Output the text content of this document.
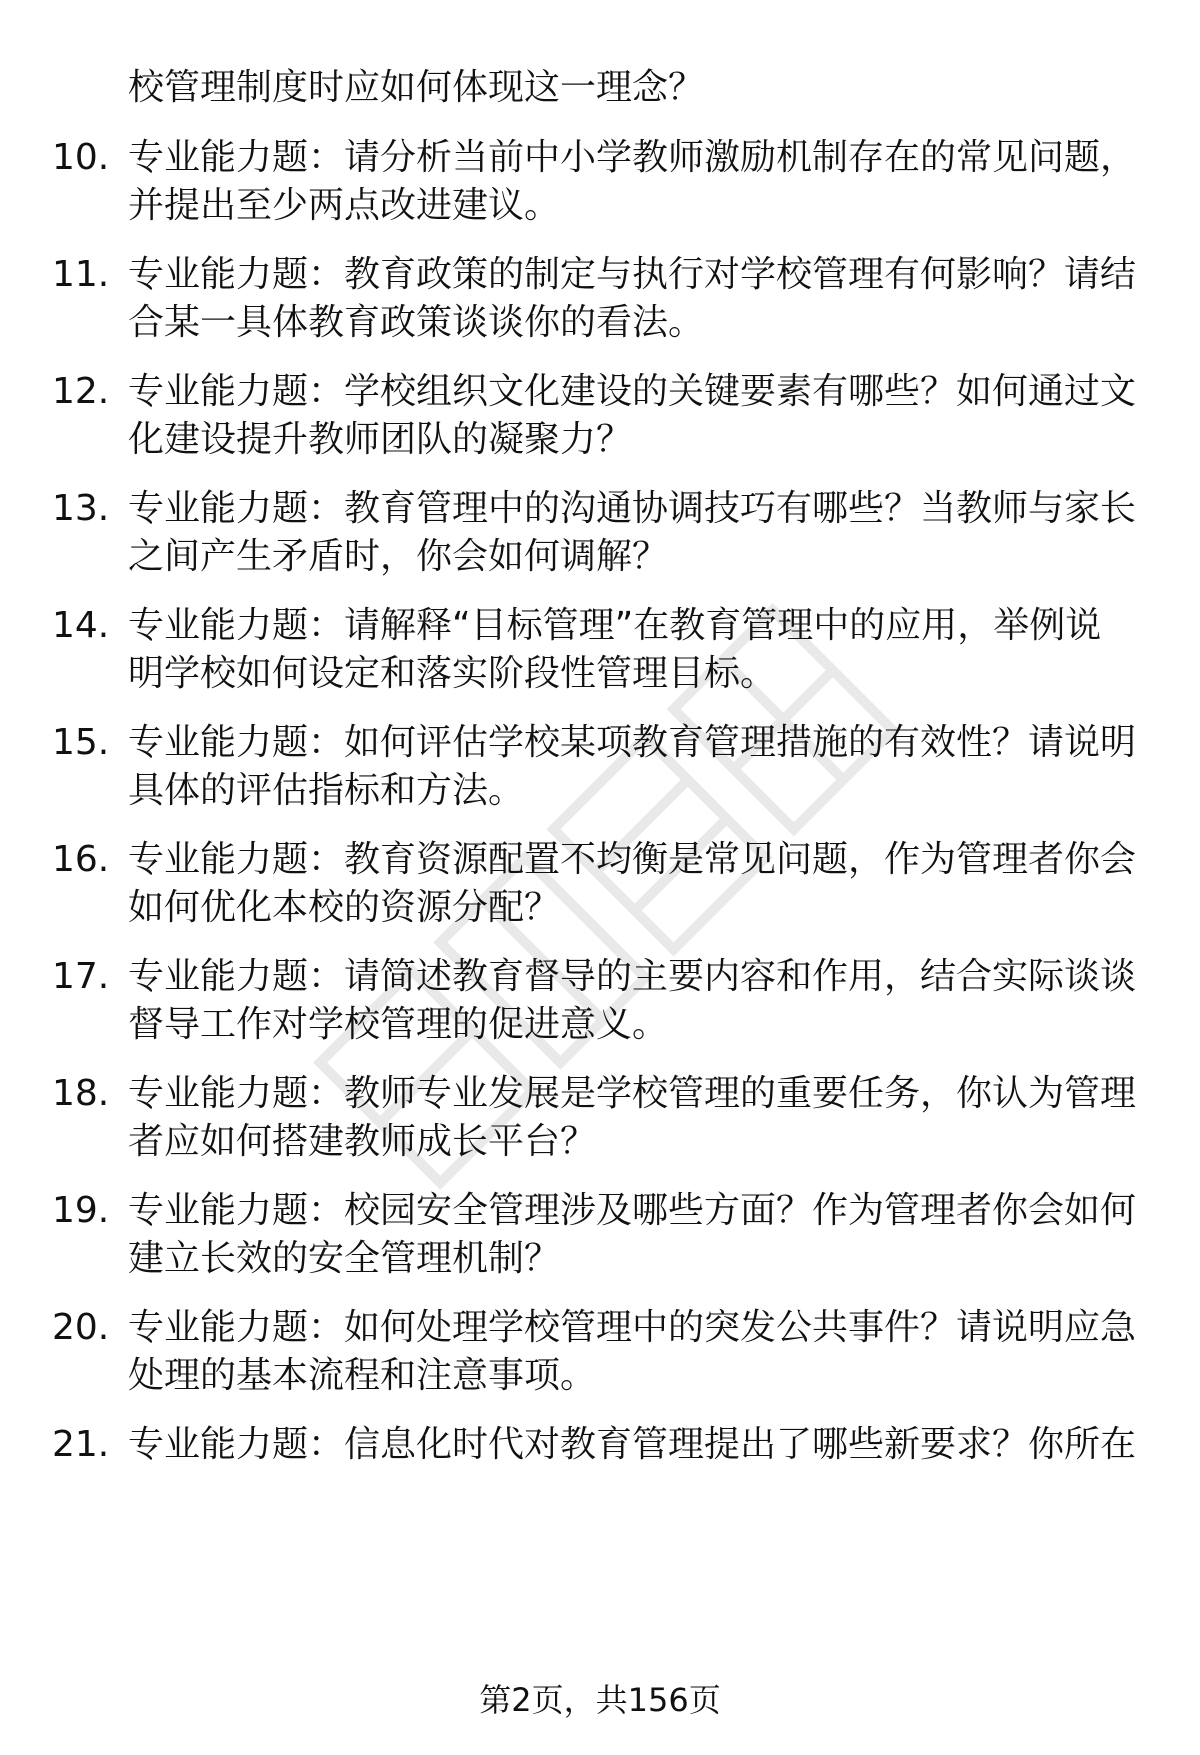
校管理制度时应如何体现这一理念？
10. 专业能力题：请分析当前中小学教师激励机制存在的常见问题，
并提出至少两点改进建议。
11. 专业能力题：教育政策的制定与执行对学校管理有何影响？请结
合某一具体教育政策谈谈你的看法。
12. 专业能力题：学校组织文化建设的关键要素有哪些？如何通过文
化建设提升教师团队的凝聚力？
13. 专业能力题：教育管理中的沟通协调技巧有哪些？当教师与家长
之间产生矛盾时，你会如何调解？
14. 专业能力题：请解释“目标管理”在教育管理中的应用，举例说
明学校如何设定和落实阶段性管理目标。
15. 专业能力题：如何评估学校某项教育管理措施的有效性？请说明
具体的评估指标和方法。
16. 专业能力题：教育资源配置不均衡是常见问题，作为管理者你会
如何优化本校的资源分配？
17. 专业能力题：请简述教育督导的主要内容和作用，结合实际谈谈
督导工作对学校管理的促进意义。
18. 专业能力题：教师专业发展是学校管理的重要任务，你认为管理
者应如何搭建教师成长平台？
19. 专业能力题：校园安全管理涉及哪些方面？作为管理者你会如何
建立长效的安全管理机制？
20. 专业能力题：如何处理学校管理中的突发公共事件？请说明应急
处理的基本流程和注意事项。
21. 专业能力题：信息化时代对教育管理提出了哪些新要求？你所在
第2页，共156页
